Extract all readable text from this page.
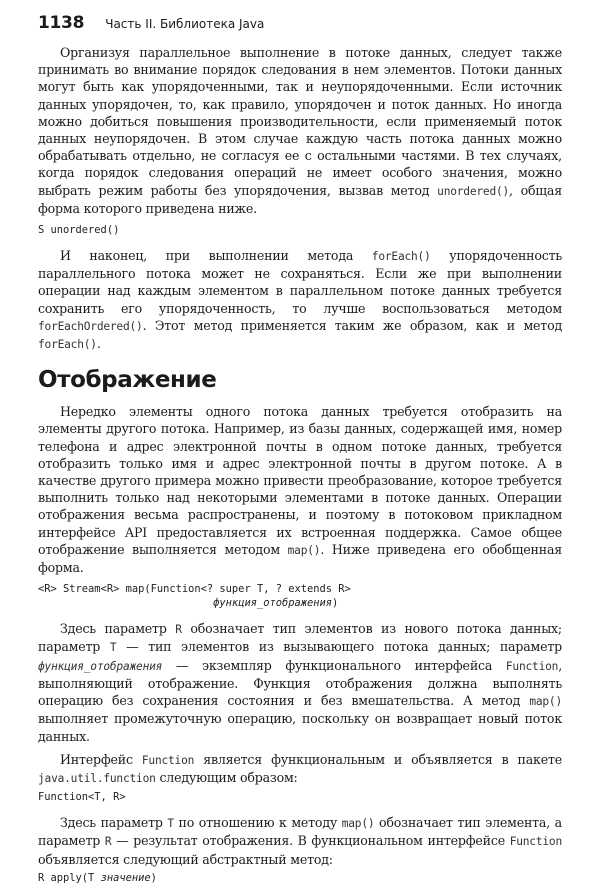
1138 Часть II. Библиотека Java

Организуя параллельное выполнение в потоке данных, следует также принимать во внимание порядок следования в нем элементов. Потоки данных могут быть как упорядоченными, так и неупорядоченными. Если источник данных упорядочен, то, как правило, упорядочен и поток данных. Но иногда можно добиться повышения производительности, если применяемый поток данных неупорядочен. В этом случае каждую часть потока данных можно обрабатывать отдельно, не согласуя ее с остальными частями. В тех случаях, когда порядок следования операций не имеет особого значения, можно выбрать режим работы без упорядочения, вызвав метод unordered(), общая форма которого приведена ниже.

S unordered()

И наконец, при выполнении метода forEach() упорядоченность параллельного потока может не сохраняться. Если же при выполнении операции над каждым элементом в параллельном потоке данных требуется сохранить его упорядоченность, то лучше воспользоваться методом forEachOrdered(). Этот метод применяется таким же образом, как и метод forEach().

Отображение

Нередко элементы одного потока данных требуется отобразить на элементы другого потока. Например, из базы данных, содержащей имя, номер телефона и адрес электронной почты в одном потоке данных, требуется отобразить только имя и адрес электронной почты в другом потоке. А в качестве другого примера можно привести преобразование, которое требуется выполнить только над некоторыми элементами в потоке данных. Операции отображения весьма распространены, и поэтому в потоковом прикладном интерфейсе API предоставляется их встроенная поддержка. Самое общее отображение выполняется методом map(). Ниже приведена его обобщенная форма.

<R> Stream<R> map(Function<? super T, ? extends R>
функция_отображения)

Здесь параметр R обозначает тип элементов из нового потока данных; параметр T — тип элементов из вызывающего потока данных; параметр функция_отображения — экземпляр функционального интерфейса Function, выполняющий отображение. Функция отображения должна выполнять операцию без сохранения состояния и без вмешательства. А метод map() выполняет промежуточную операцию, поскольку он возвращает новый поток данных.

Интерфейс Function является функциональным и объявляется в пакете java.util.function следующим образом:

Function<T, R>

Здесь параметр T по отношению к методу map() обозначает тип элемента, а параметр R — результат отображения. В функциональном интерфейсе Function объявляется следующий абстрактный метод:

R apply(T значение)
